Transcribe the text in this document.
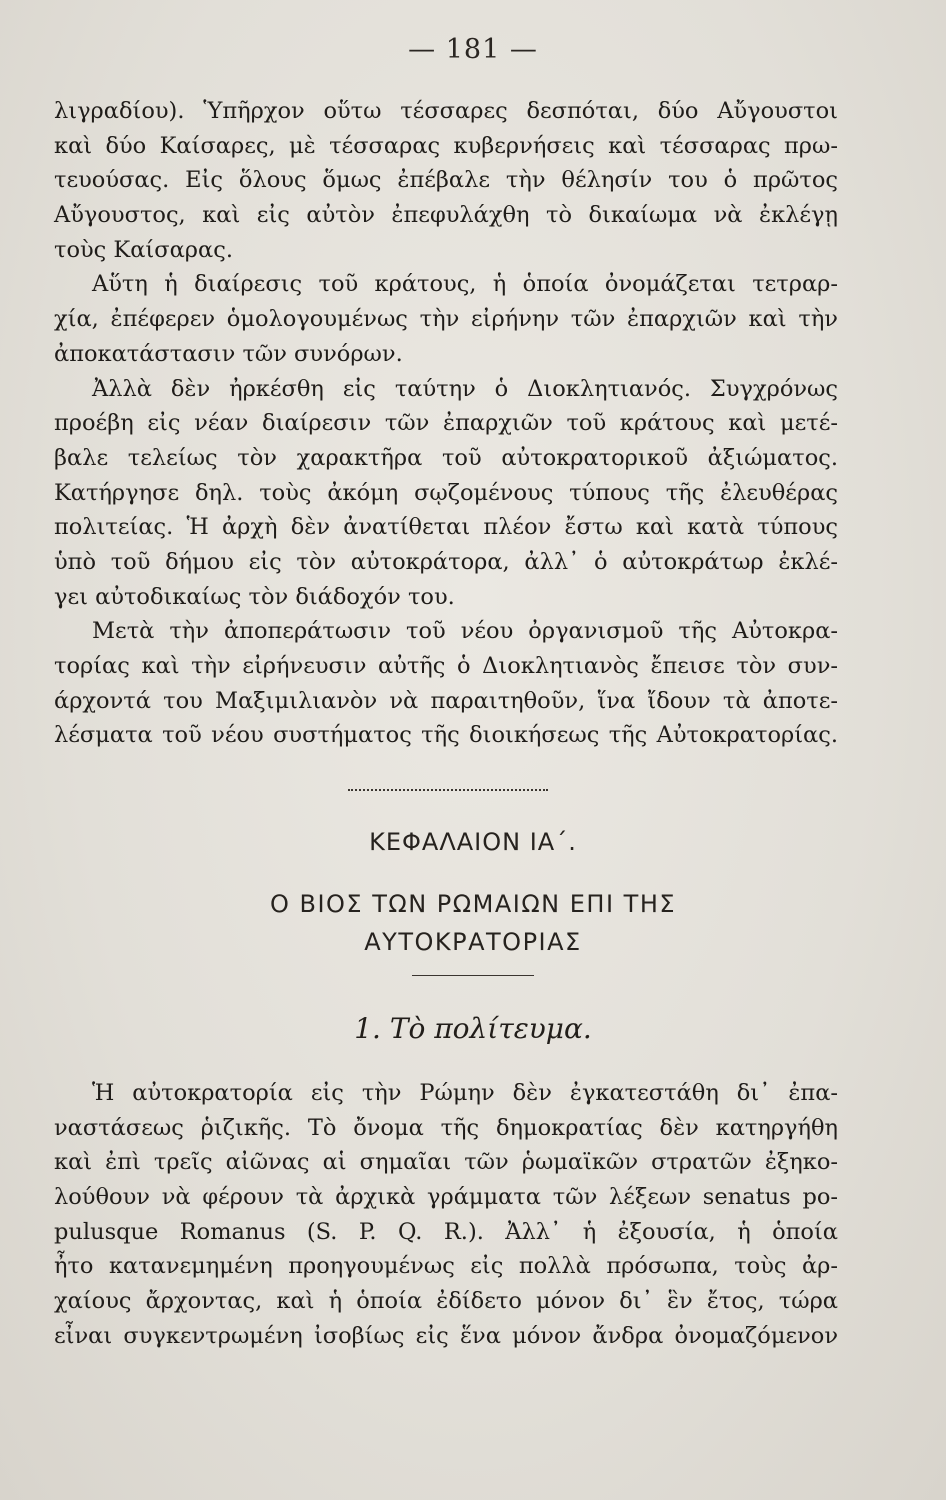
— 181 —
λιγραδίου). Ὑπῆρχον οὕτω τέσσαρες δεσπόται, δύο Αὔγουστοι
καὶ δύο Καίσαρες, μὲ τέσσαρας κυβερνήσεις καὶ τέσσαρας πρω-
τευούσας. Εἰς ὅλους ὅμως ἐπέβαλε τὴν θέλησίν του ὁ πρῶτος
Αὔγουστος, καὶ εἰς αὐτὸν ἐπεφυλάχθη τὸ δικαίωμα νὰ ἐκλέγῃ
τοὺς Καίσαρας.
Αὕτη ἡ διαίρεσις τοῦ κράτους, ἡ ὁποία ὀνομάζεται τετραρ-
χία, ἐπέφερεν ὁμολογουμένως τὴν εἰρήνην τῶν ἐπαρχιῶν καὶ τὴν
ἀποκατάστασιν τῶν συνόρων.
Ἀλλὰ δὲν ἠρκέσθη εἰς ταύτην ὁ Διοκλητιανός. Συγχρόνως
προέβη εἰς νέαν διαίρεσιν τῶν ἐπαρχιῶν τοῦ κράτους καὶ μετέ-
βαλε τελείως τὸν χαρακτῆρα τοῦ αὐτοκρατορικοῦ ἀξιώματος.
Κατήργησε δηλ. τοὺς ἀκόμη σῳζομένους τύπους τῆς ἐλευθέρας
πολιτείας. Ἡ ἀρχὴ δὲν ἀνατίθεται πλέον ἔστω καὶ κατὰ τύπους
ὑπὸ τοῦ δήμου εἰς τὸν αὐτοκράτορα, ἀλλ᾽ ὁ αὐτοκράτωρ ἐκλέ-
γει αὐτοδικαίως τὸν διάδοχόν του.
Μετὰ τὴν ἀποπεράτωσιν τοῦ νέου ὀργανισμοῦ τῆς Αὐτοκρα-
τορίας καὶ τὴν εἰρήνευσιν αὐτῆς ὁ Διοκλητιανὸς ἔπεισε τὸν συν-
άρχοντά του Μαξιμιλιανὸν νὰ παραιτηθοῦν, ἵνα ἴδουν τὰ ἀποτε-
λέσματα τοῦ νέου συστήματος τῆς διοικήσεως τῆς Αὐτοκρατορίας.
ΚΕΦΑΛΑΙΟΝ ΙΑ΄.
Ο ΒΙΟΣ ΤΩΝ ΡΩΜΑΙΩΝ ΕΠΙ ΤΗΣ
ΑΥΤΟΚΡΑΤΟΡΙΑΣ
1. Τὸ πολίτευμα.
Ἡ αὐτοκρατορία εἰς τὴν Ρώμην δὲν ἐγκατεστάθη δι᾽ ἐπα-
ναστάσεως ῥιζικῆς. Τὸ ὄνομα τῆς δημοκρατίας δὲν κατηργήθη
καὶ ἐπὶ τρεῖς αἰῶνας αἱ σημαῖαι τῶν ῥωμαϊκῶν στρατῶν ἐξηκο-
λούθουν νὰ φέρουν τὰ ἀρχικὰ γράμματα τῶν λέξεων senatus po-
pulusque Romanus (S. P. Q. R.). Ἀλλ᾽ ἡ ἐξουσία, ἡ ὁποία
ἦτο κατανεμημένη προηγουμένως εἰς πολλὰ πρόσωπα, τοὺς ἀρ-
χαίους ἄρχοντας, καὶ ἡ ὁποία ἐδίδετο μόνον δι᾽ ἓν ἔτος, τώρα
εἶναι συγκεντρωμένη ἰσοβίως εἰς ἕνα μόνον ἄνδρα ὀνομαζόμενον
